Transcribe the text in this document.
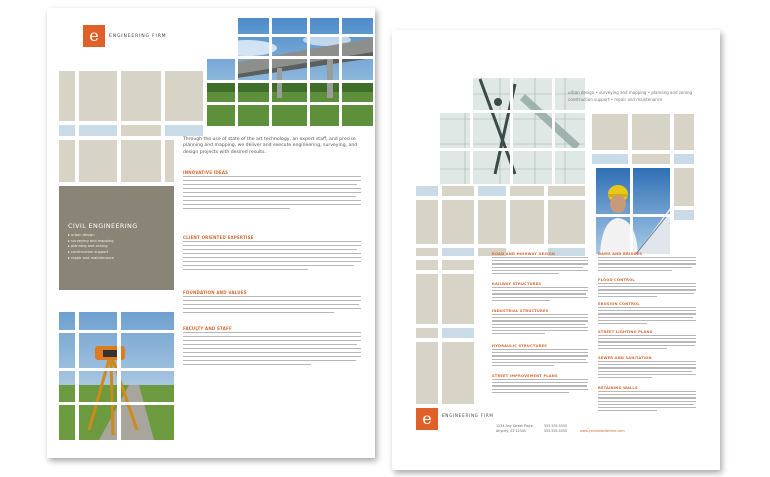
e	ENGINEERING FIRM
Through the use of state of the art technology, an expert staff, and precise planning and mapping, we deliver and execute engineering, surveying, and design projects with desired results.
CIVIL ENGINEERING
▸ urban design
▸ surveying and mapping
▸ planning and zoning
▸ construction support
▸ repair and maintenance
INNOVATIVE IDEAS
CLIENT ORIENTED EXPERTISE
FOUNDATION AND VALUES
FACULTY AND STAFF
urban design • surveying and mapping • planning and zoning
construction support • repair and maintenance
ROAD AND HIGHWAY DESIGN
RAILWAY STRUCTURES
INDUSTRIAL STRUCTURES
HYDRAULIC STRUCTURES
STREET IMPROVEMENT PLANS
DAMS AND BRIDGES
FLOOD CONTROL
EROSION CONTROL
STREET LIGHTING PLANS
SEWER AND SANITATION
RETAINING WALLS
e	ENGINEERING FIRM
1234 Any Street Place
Anycity, ST 12345
555.555.5555
555.555.5555	www.yourwebsitehere.com
